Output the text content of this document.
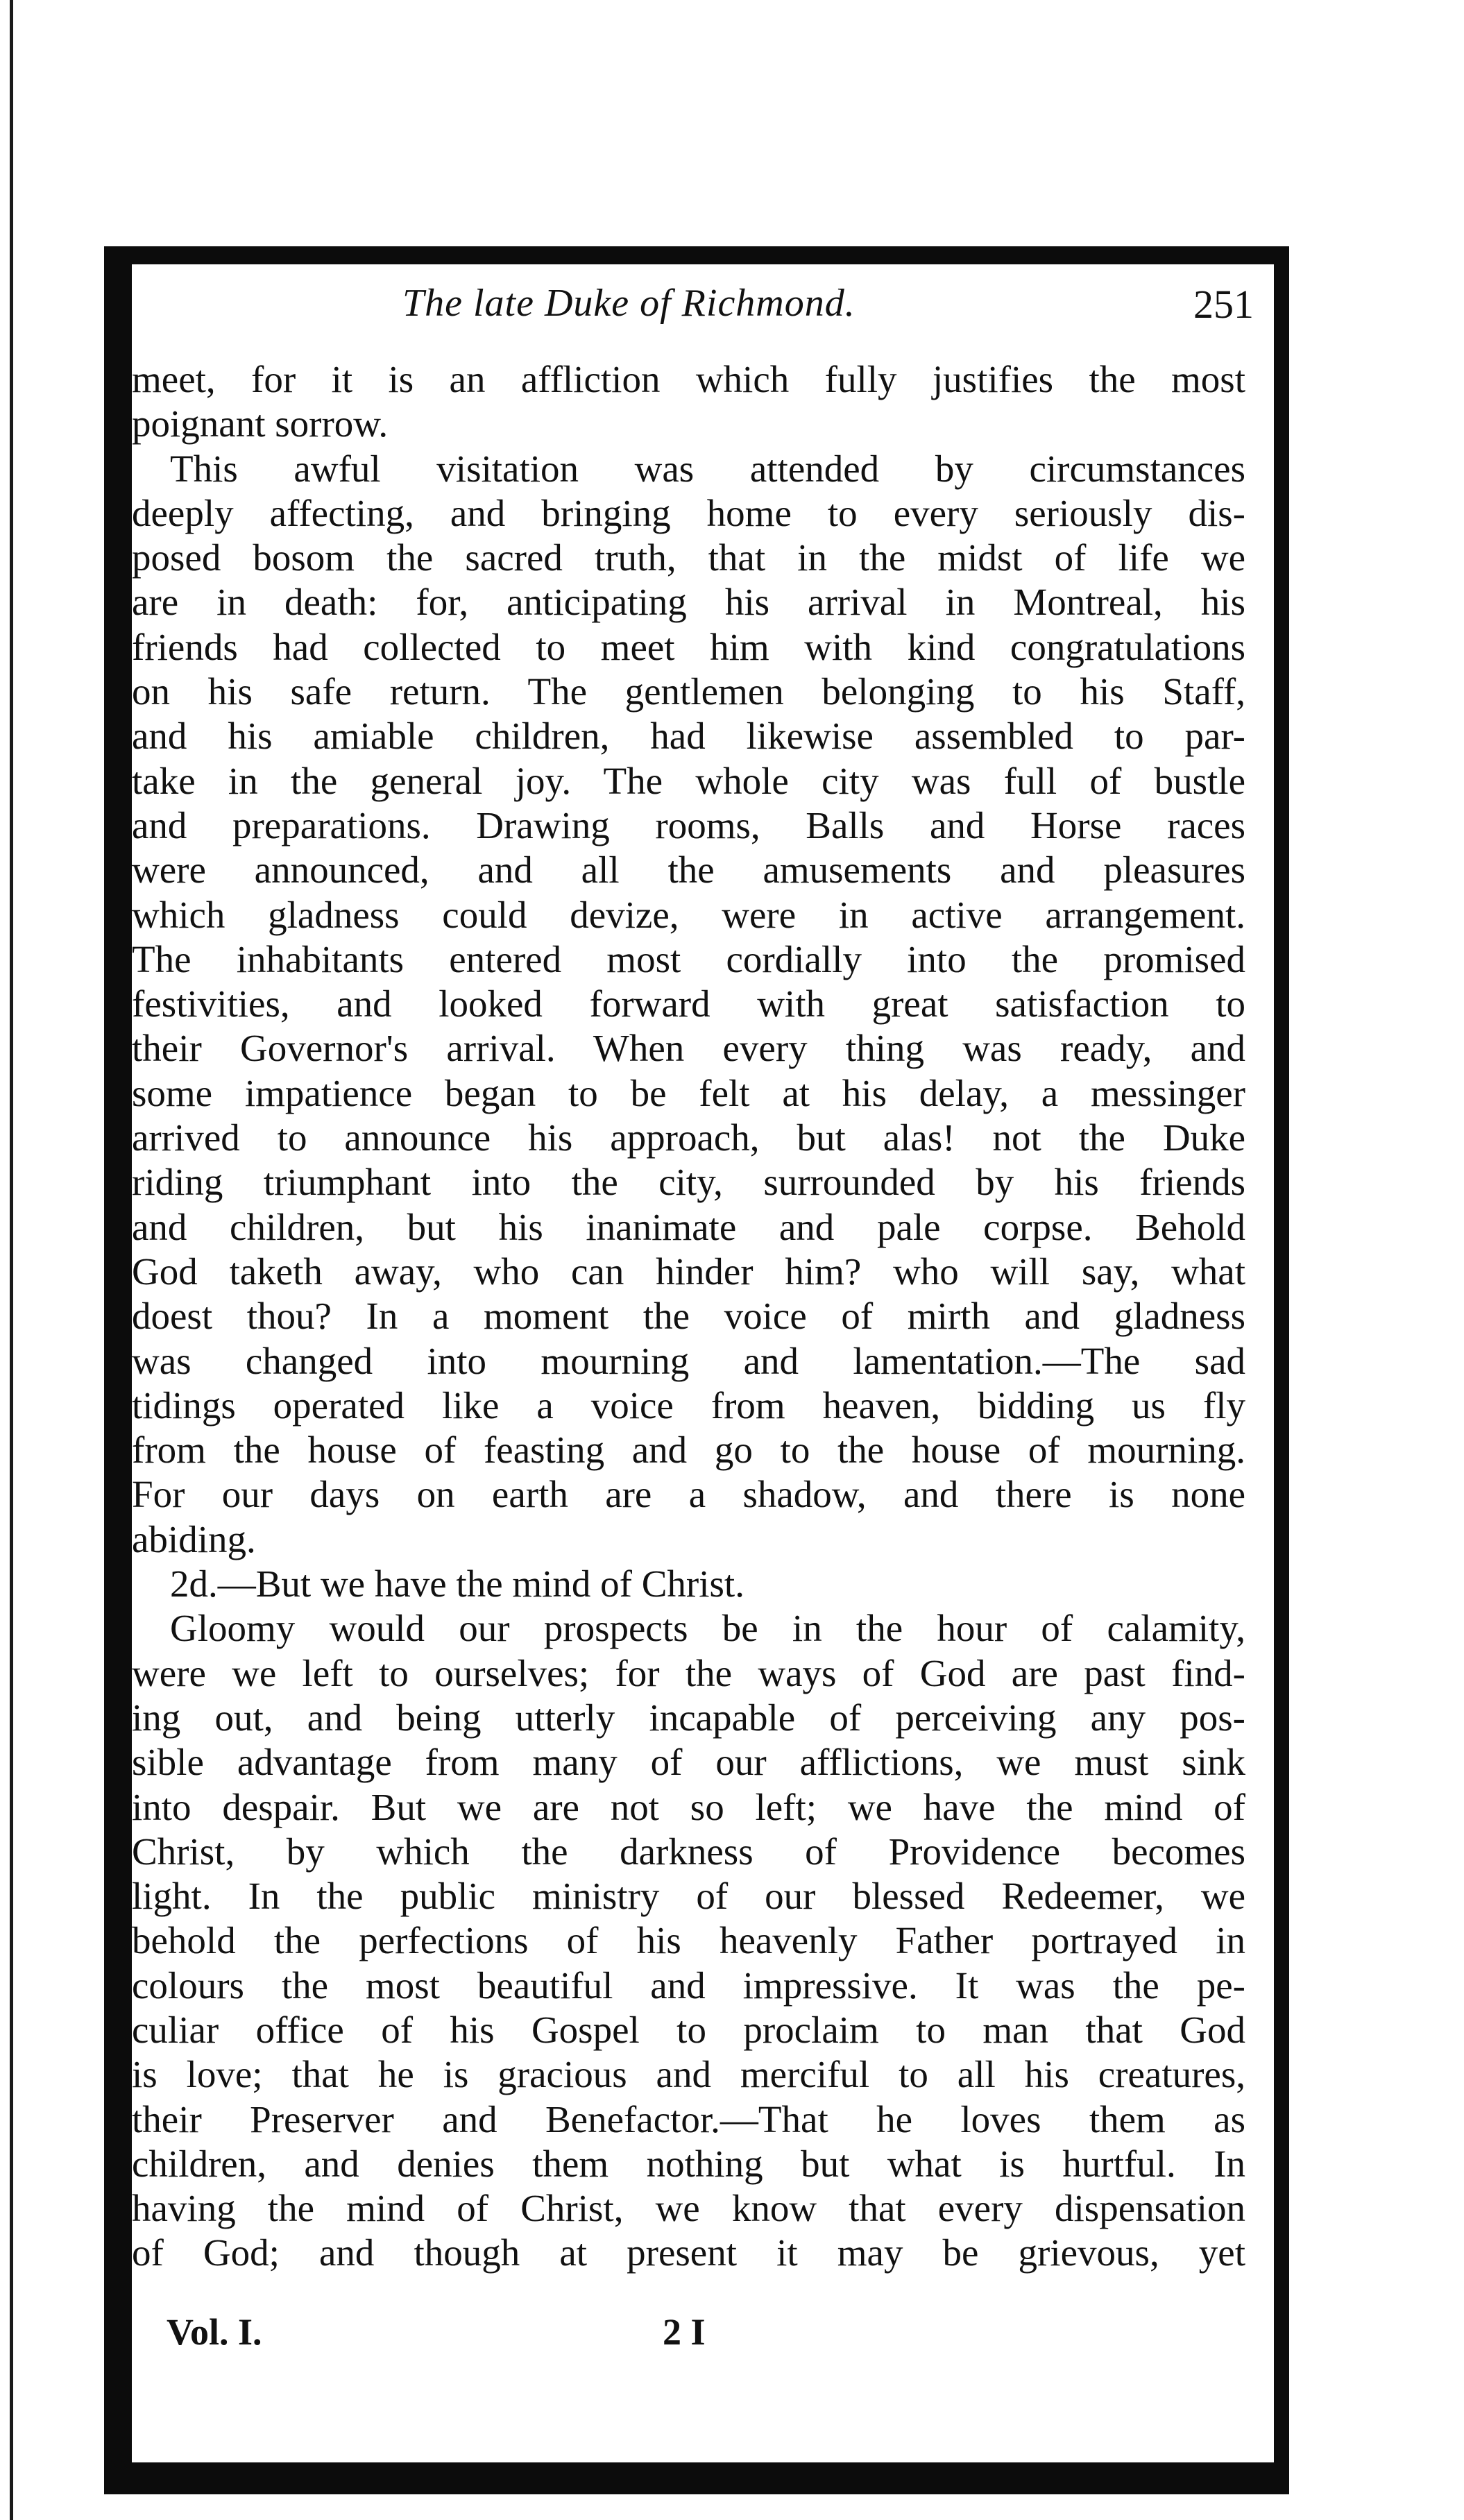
The late Duke of Richmond.	251
meet, for it is an affliction which fully justifies the most
poignant sorrow.
This awful visitation was attended by circumstances
deeply affecting, and bringing home to every seriously dis-
posed bosom the sacred truth, that in the midst of life we
are in death: for, anticipating his arrival in Montreal, his
friends had collected to meet him with kind congratulations
on his safe return. The gentlemen belonging to his Staff,
and his amiable children, had likewise assembled to par-
take in the general joy. The whole city was full of bustle
and preparations. Drawing rooms, Balls and Horse races
were announced, and all the amusements and pleasures
which gladness could devize, were in active arrangement.
The inhabitants entered most cordially into the promised
festivities, and looked forward with great satisfaction to
their Governor's arrival. When every thing was ready, and
some impatience began to be felt at his delay, a messinger
arrived to announce his approach, but alas! not the Duke
riding triumphant into the city, surrounded by his friends
and children, but his inanimate and pale corpse. Behold
God taketh away, who can hinder him? who will say, what
doest thou? In a moment the voice of mirth and gladness
was changed into mourning and lamentation.—The sad
tidings operated like a voice from heaven, bidding us fly
from the house of feasting and go to the house of mourning.
For our days on earth are a shadow, and there is none
abiding.
2d.—But we have the mind of Christ.
Gloomy would our prospects be in the hour of calamity,
were we left to ourselves; for the ways of God are past find-
ing out, and being utterly incapable of perceiving any pos-
sible advantage from many of our afflictions, we must sink
into despair. But we are not so left; we have the mind of
Christ, by which the darkness of Providence becomes
light. In the public ministry of our blessed Redeemer, we
behold the perfections of his heavenly Father portrayed in
colours the most beautiful and impressive. It was the pe-
culiar office of his Gospel to proclaim to man that God
is love; that he is gracious and merciful to all his creatures,
their Preserver and Benefactor.—That he loves them as
children, and denies them nothing but what is hurtful. In
having the mind of Christ, we know that every dispensation
of God; and though at present it may be grievous, yet
Vol. I.	2 I
